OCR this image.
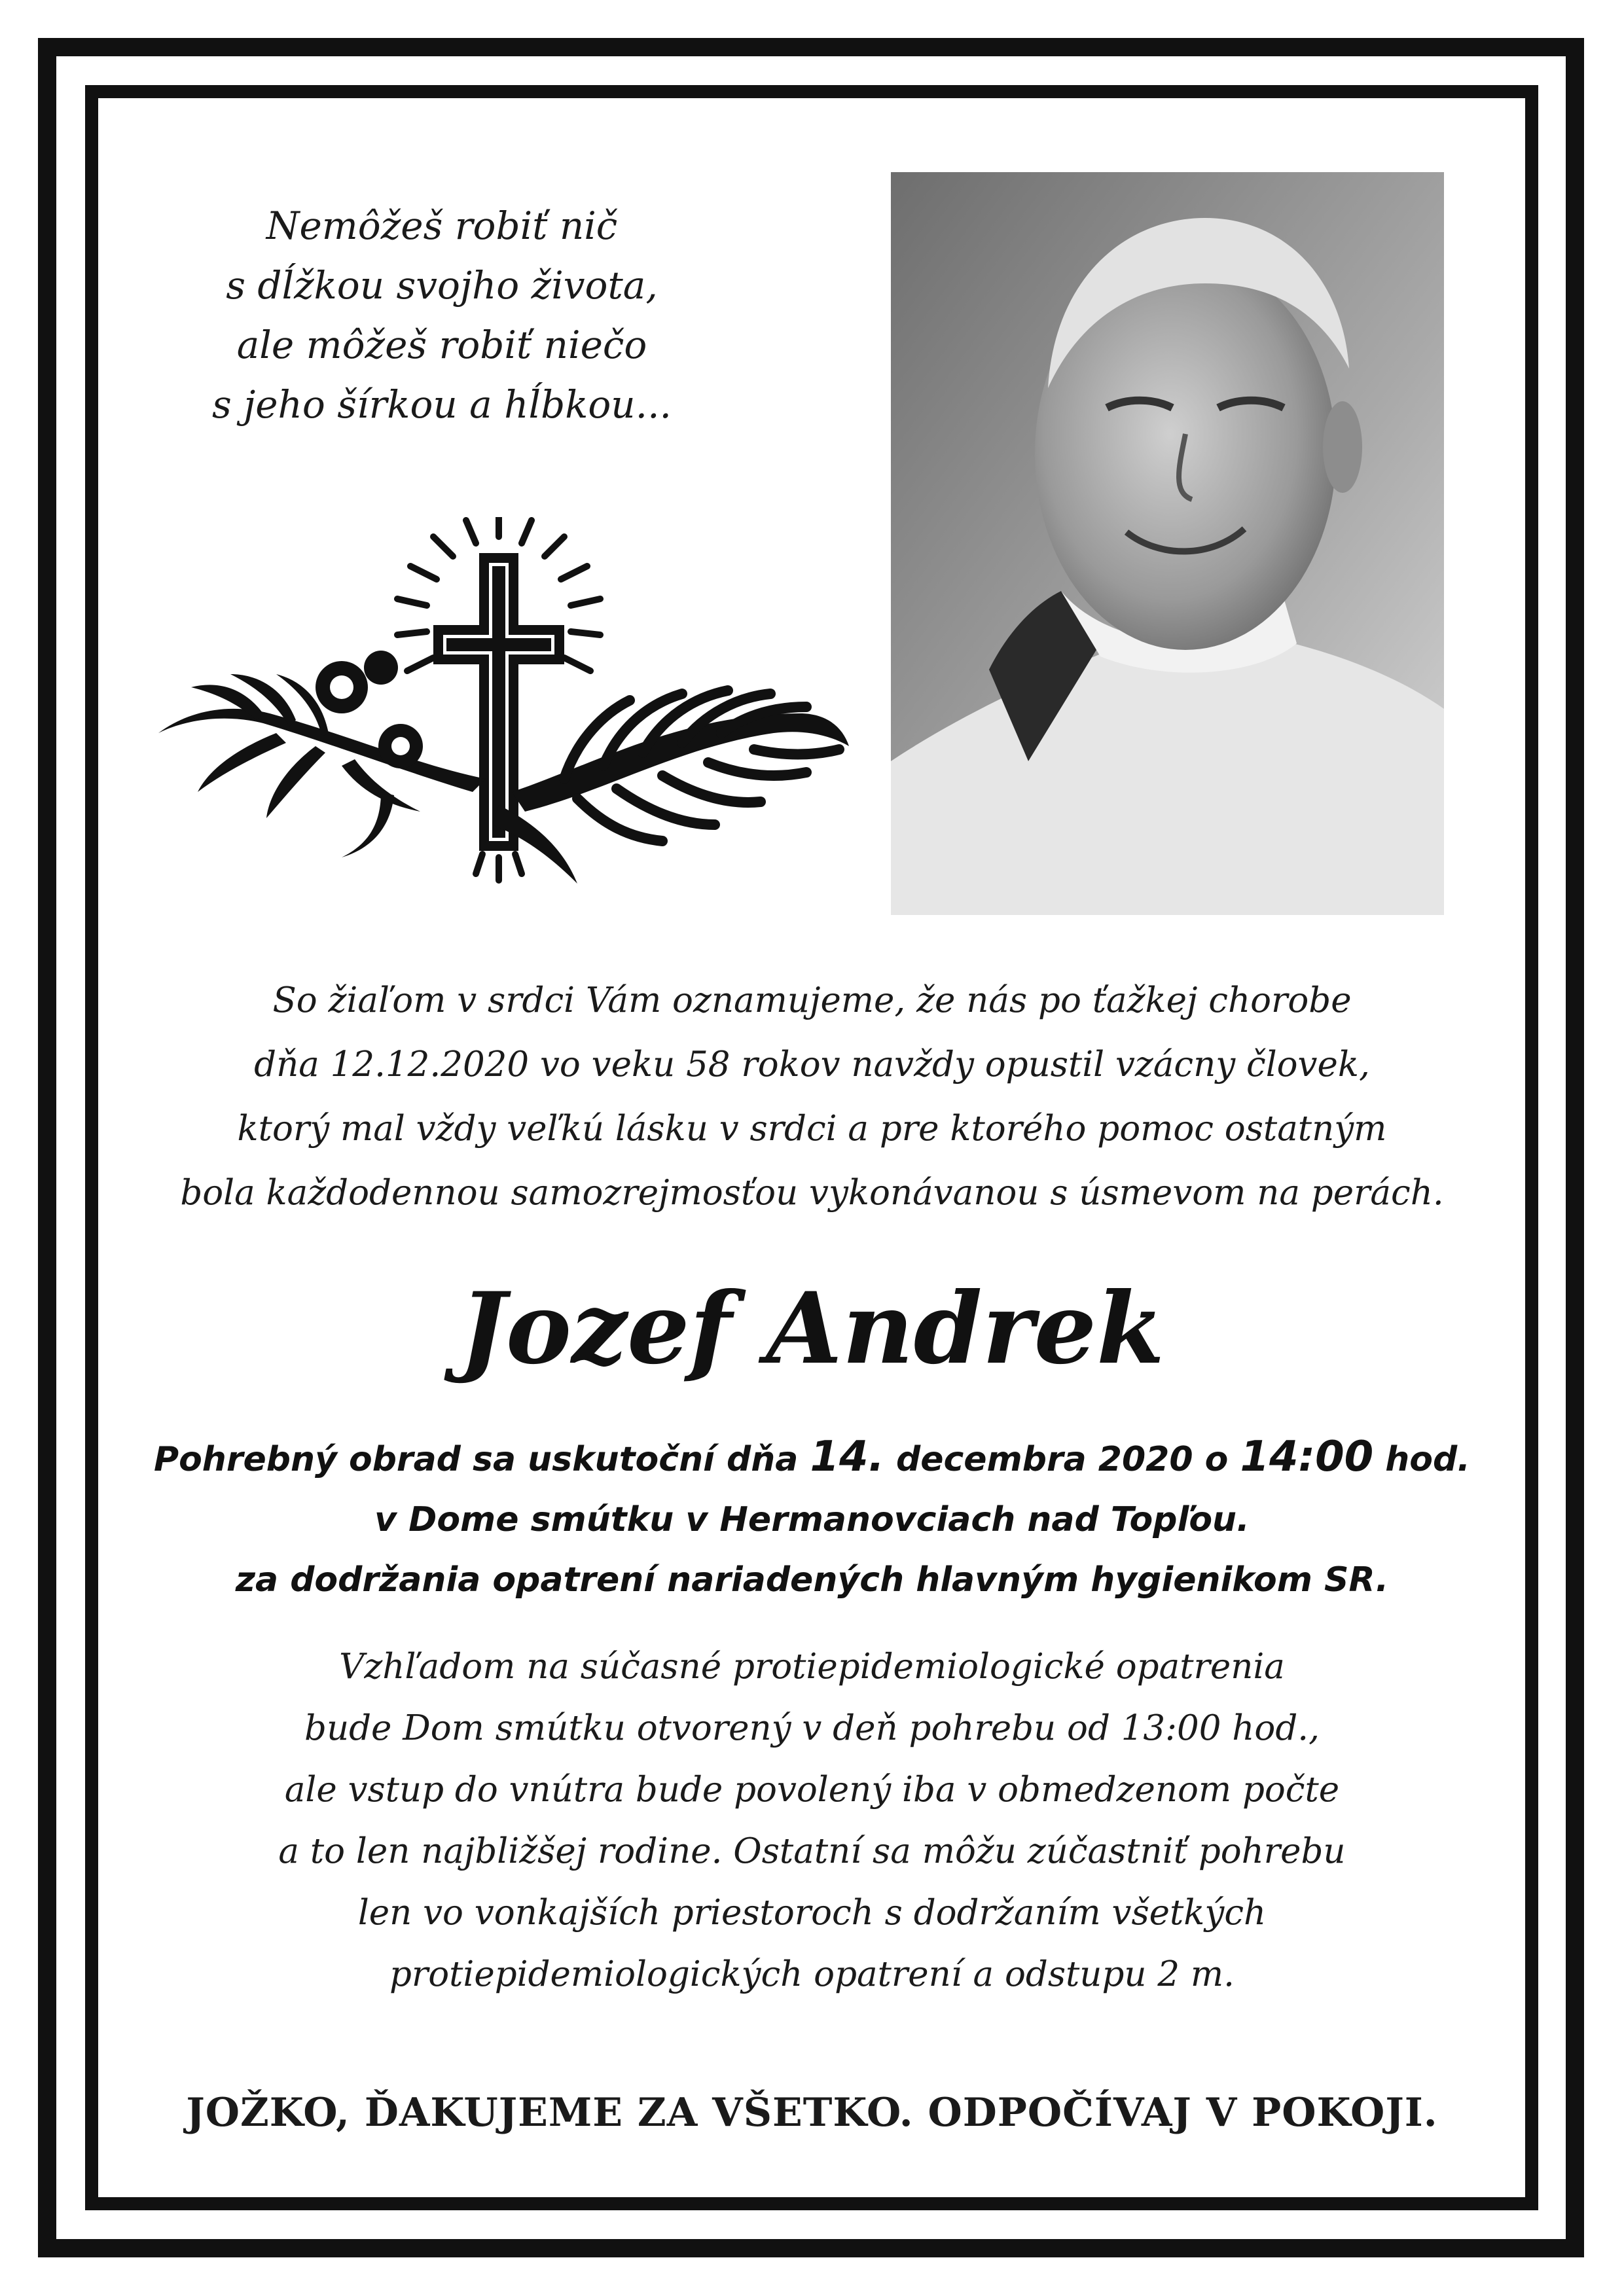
Nemôžeš robiť nič
s dĺžkou svojho života,
ale môžeš robiť niečo
s jeho šírkou a hĺbkou...
So žiaľom v srdci Vám oznamujeme, že nás po ťažkej chorobe
dňa 12.12.2020 vo veku 58 rokov navždy opustil vzácny človek,
ktorý mal vždy veľkú lásku v srdci a pre ktorého pomoc ostatným
bola každodennou samozrejmosťou vykonávanou s úsmevom na perách.
Jozef Andrek
Pohrebný obrad sa uskutoční dňa 14. decembra 2020 o 14:00 hod.
v Dome smútku v Hermanovciach nad Topľou.
za dodržania opatrení nariadených hlavným hygienikom SR.
Vzhľadom na súčasné protiepidemiologické opatrenia
bude Dom smútku otvorený v deň pohrebu od 13:00 hod.,
ale vstup do vnútra bude povolený iba v obmedzenom počte
a to len najbližšej rodine. Ostatní sa môžu zúčastniť pohrebu
len vo vonkajších priestoroch s dodržaním všetkých
protiepidemiologických opatrení a odstupu 2 m.
JOŽKO, ĎAKUJEME ZA VŠETKO. ODPOČÍVAJ V POKOJI.
